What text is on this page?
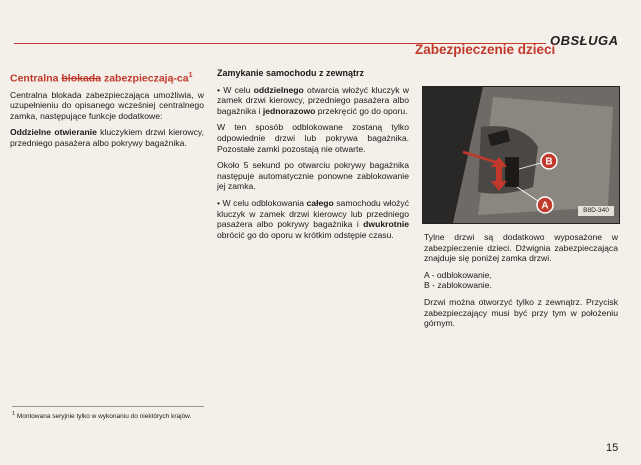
OBSŁUGA
Zabezpieczenie dzieci
Centralna blokada zabezpieczają-$ca^1$

Centralna blokada zabezpieczająca umożliwia, w uzupełnieniu do opisanego wcześniej centralnego zamka, następujące funkcje dodatkowe:

Oddzielne otwieranie kluczykiem drzwi kierowcy, przedniego pasażera albo pokrywy bagażnika.

Zamykanie samochodu z zewnątrz

• W celu oddzielnego otwarcia włożyć kluczyk w zamek drzwi kierowcy, przedniego pasażera albo bagażnika i jednorazowo przekręcić go do oporu.

W ten sposób odblokowane zostaną tylko odpowiednie drzwi lub pokrywa bagażnika. Pozostałe zamki pozostają nie otwarte.

Około 5 sekund po otwarciu pokrywy bagażnika następuje automatycznie ponowne zablokowanie jej zamka.

• W celu odblokowania całego samochodu włożyć kluczyk w zamek drzwi kierowcy lub przedniego pasażera albo pokrywy bagażnika i dwukrotnie obrócić go do oporu w krótkim odstępie czasu.

B
A	B8D-340

Tylne drzwi są dodatkowo wyposażone w zabezpieczenie dzieci. Dźwignia zabezpieczająca znajduje się poniżej zamka drzwi.

A - odblokowanie,
B - zablokowanie.

Drzwi można otworzyć tylko z zewnątrz. Przycisk zabezpieczający musi być przy tym w położeniu górnym.

$^1$ Montowana seryjnie tylko w wykonaniu do niektórych krajów.
15
